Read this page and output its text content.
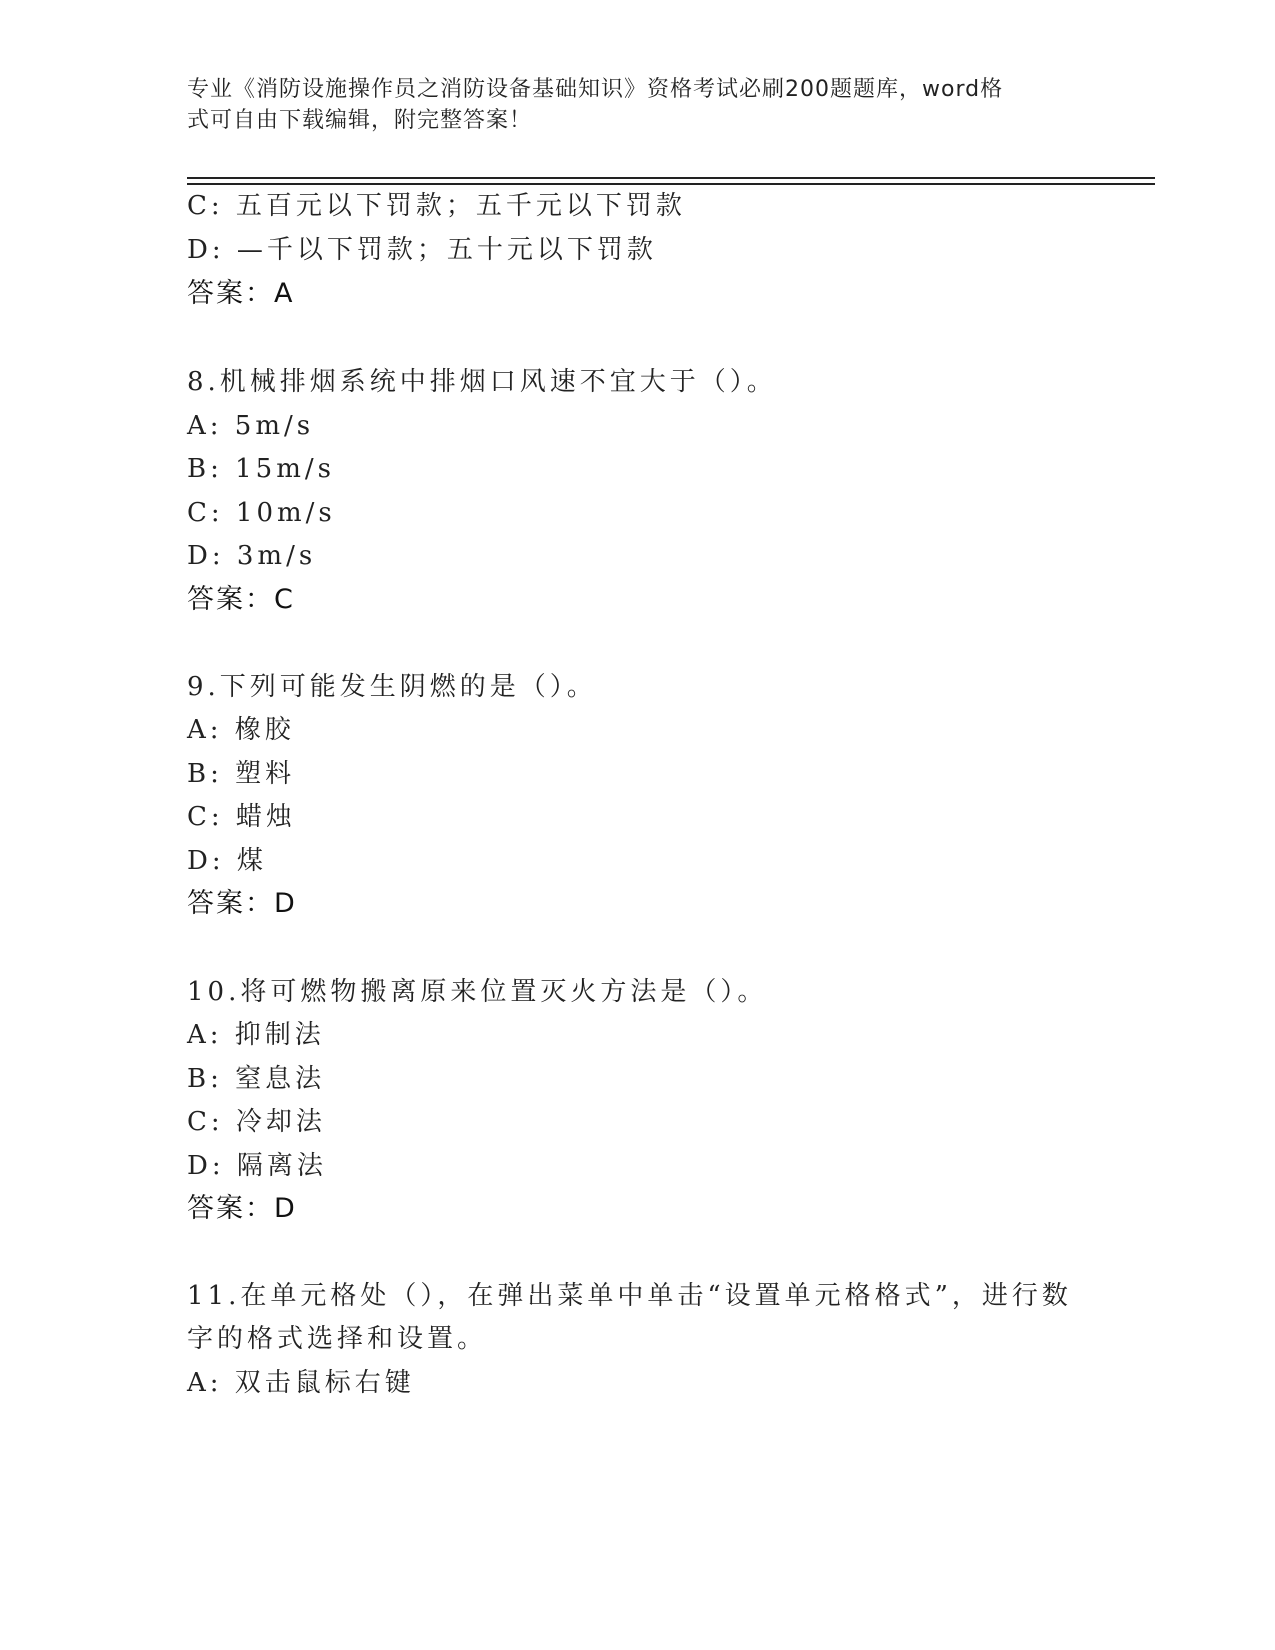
专业《消防设施操作员之消防设备基础知识》资格考试必刷200题题库，word格
式可自由下载编辑，附完整答案！
C: 五百元以下罚款；五千元以下罚款
D: —千以下罚款；五十元以下罚款
答案：A
8.机械排烟系统中排烟口风速不宜大于（）。
A: 5m/s
B: 15m/s
C: 10m/s
D: 3m/s
答案：C
9.下列可能发生阴燃的是（）。
A: 橡胶
B: 塑料
C: 蜡烛
D: 煤
答案：D
10.将可燃物搬离原来位置灭火方法是（）。
A: 抑制法
B: 窒息法
C: 冷却法
D: 隔离法
答案：D
11.在单元格处（），在弹出菜单中单击“设置单元格格式”，进行数
字的格式选择和设置。
A: 双击鼠标右键
